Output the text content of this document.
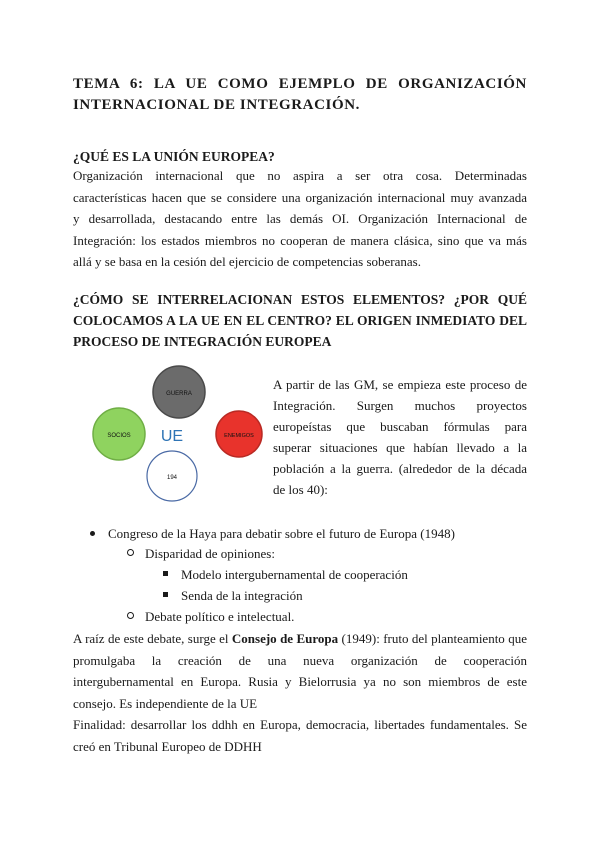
TEMA 6: LA UE COMO EJEMPLO DE ORGANIZACIÓN
INTERNACIONAL DE INTEGRACIÓN.
¿QUÉ ES LA UNIÓN EUROPEA?
Organización internacional que no aspira a ser otra cosa. Determinadas
características hacen que se considere una organización internacional muy avanzada
y desarrollada, destacando entre las demás OI. Organización Internacional de
Integración: los estados miembros no cooperan de manera clásica, sino que va más
allá y se basa en la cesión del ejercicio de competencias soberanas.
¿CÓMO SE INTERRELACIONAN ESTOS ELEMENTOS? ¿POR QUÉ
COLOCAMOS A LA UE EN EL CENTRO? EL ORIGEN INMEDIATO DEL
PROCESO DE INTEGRACIÓN EUROPEA
GUERRA
SOCIOS	ENEMIGOS
194
UE
A partir de las GM, se empieza este proceso de
Integración. Surgen muchos proyectos
europeístas que buscaban fórmulas para
superar situaciones que habían llevado a la
población a la guerra. (alrededor de la década
de los 40):
Congreso de la Haya para debatir sobre el futuro de Europa (1948)
Disparidad de opiniones:
Modelo intergubernamental de cooperación
Senda de la integración
Debate político e intelectual.
A raíz de este debate, surge el Consejo de Europa (1949): fruto del planteamiento que
promulgaba la creación de una nueva organización de cooperación
intergubernamental en Europa. Rusia y Bielorrusia ya no son miembros de este
consejo. Es independiente de la UE
Finalidad: desarrollar los ddhh en Europa, democracia, libertades fundamentales. Se
creó en Tribunal Europeo de DDHH
